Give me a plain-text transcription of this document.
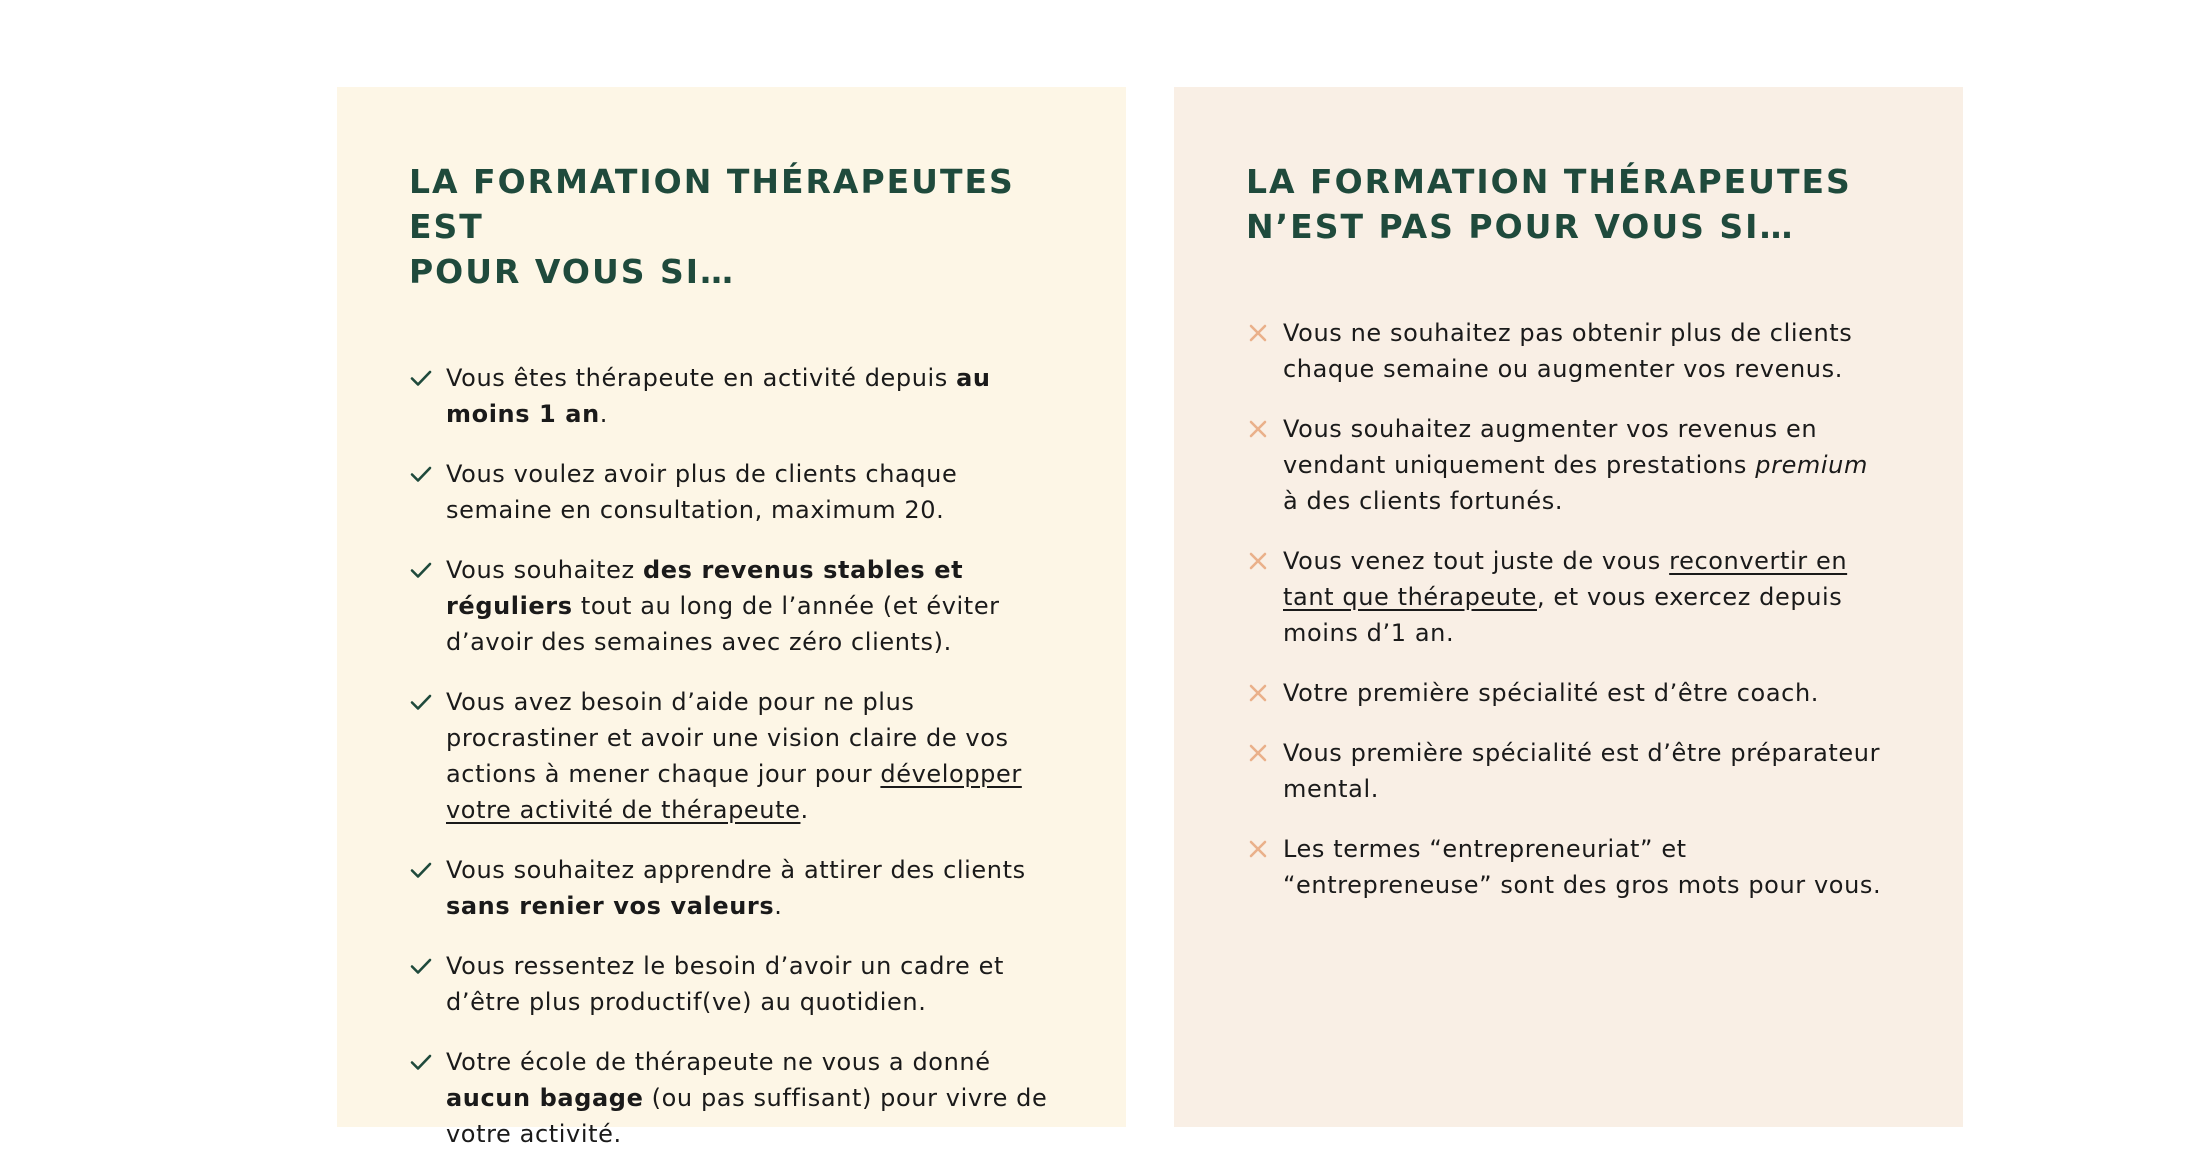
LA FORMATION THÉRAPEUTES EST
POUR VOUS SI…
Vous êtes thérapeute en activité depuis au moins 1 an.
Vous voulez avoir plus de clients chaque semaine en consultation, maximum 20.
Vous souhaitez des revenus stables et réguliers tout au long de l’année (et éviter d’avoir des semaines avec zéro clients).
Vous avez besoin d’aide pour ne plus procrastiner et avoir une vision claire de vos actions à mener chaque jour pour développer votre activité de thérapeute.
Vous souhaitez apprendre à attirer des clients sans renier vos valeurs.
Vous ressentez le besoin d’avoir un cadre et d’être plus productif(ve) au quotidien.
Votre école de thérapeute ne vous a donné aucun bagage (ou pas suffisant) pour vivre de votre activité.
LA FORMATION THÉRAPEUTES
N’EST PAS POUR VOUS SI…
Vous ne souhaitez pas obtenir plus de clients chaque semaine ou augmenter vos revenus.
Vous souhaitez augmenter vos revenus en vendant uniquement des prestations premium à des clients fortunés.
Vous venez tout juste de vous reconvertir en tant que thérapeute, et vous exercez depuis moins d’1 an.
Votre première spécialité est d’être coach.
Vous première spécialité est d’être préparateur mental.
Les termes “entrepreneuriat” et “entrepreneuse” sont des gros mots pour vous.
